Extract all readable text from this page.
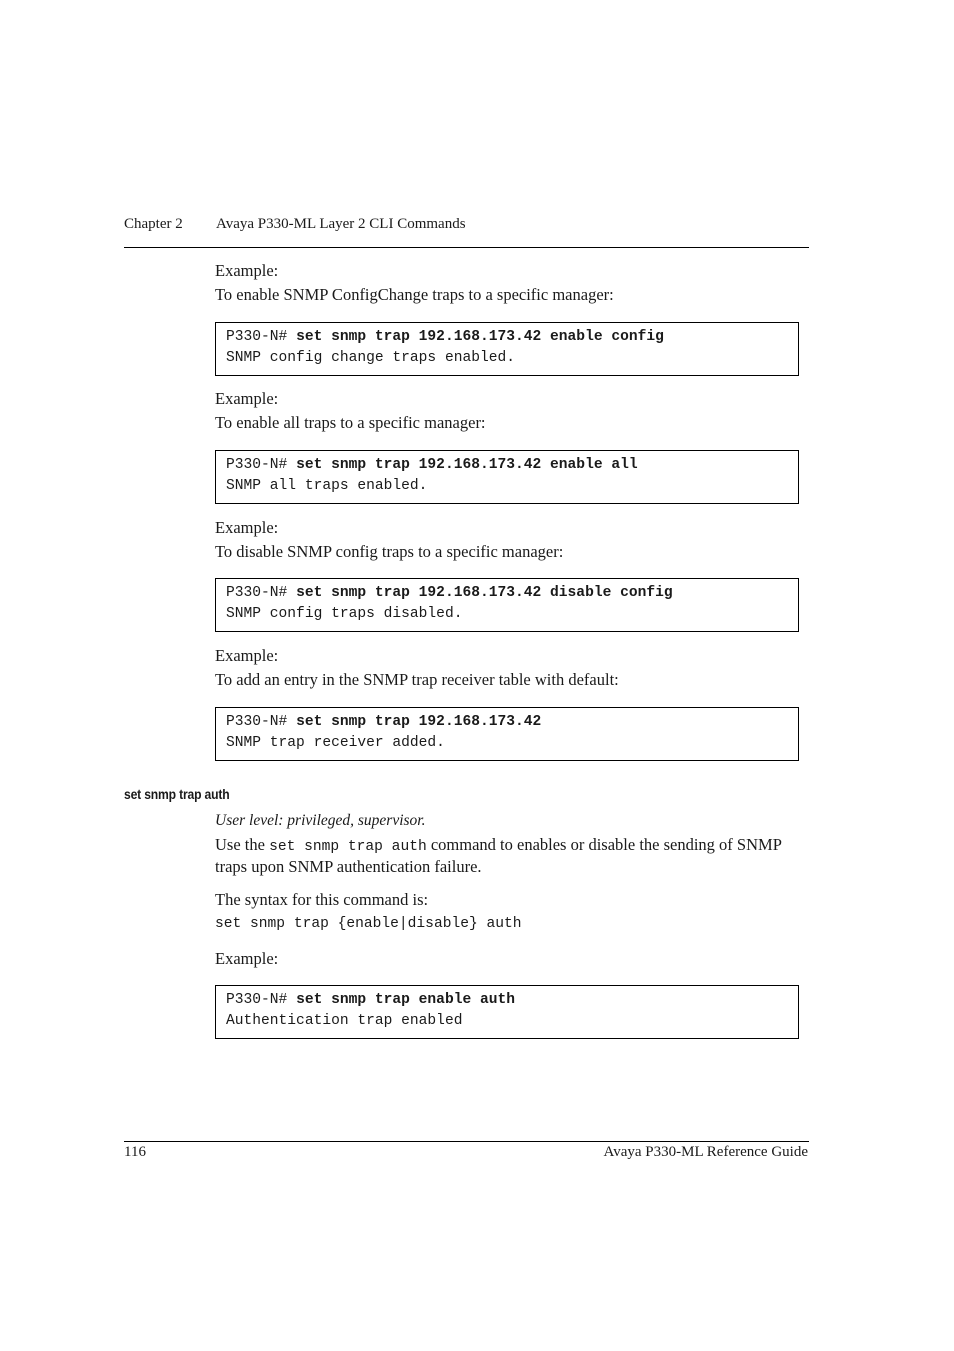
Chapter 2 Avaya P330-ML Layer 2 CLI Commands
Example:
To enable SNMP ConfigChange traps to a specific manager:
P330-N# set snmp trap 192.168.173.42 enable config
SNMP config change traps enabled.
Example:
To enable all traps to a specific manager:
P330-N# set snmp trap 192.168.173.42 enable all
SNMP all traps enabled.
Example:
To disable SNMP config traps to a specific manager:
P330-N# set snmp trap 192.168.173.42 disable config
SNMP config traps disabled.
Example:
To add an entry in the SNMP trap receiver table with default:
P330-N# set snmp trap 192.168.173.42
SNMP trap receiver added.
set snmp trap auth
User level: privileged, supervisor.
Use the set snmp trap auth command to enables or disable the sending of SNMP traps upon SNMP authentication failure.
The syntax for this command is:
set snmp trap {enable|disable} auth
Example:
P330-N# set snmp trap enable auth
Authentication trap enabled
116	Avaya P330-ML Reference Guide
